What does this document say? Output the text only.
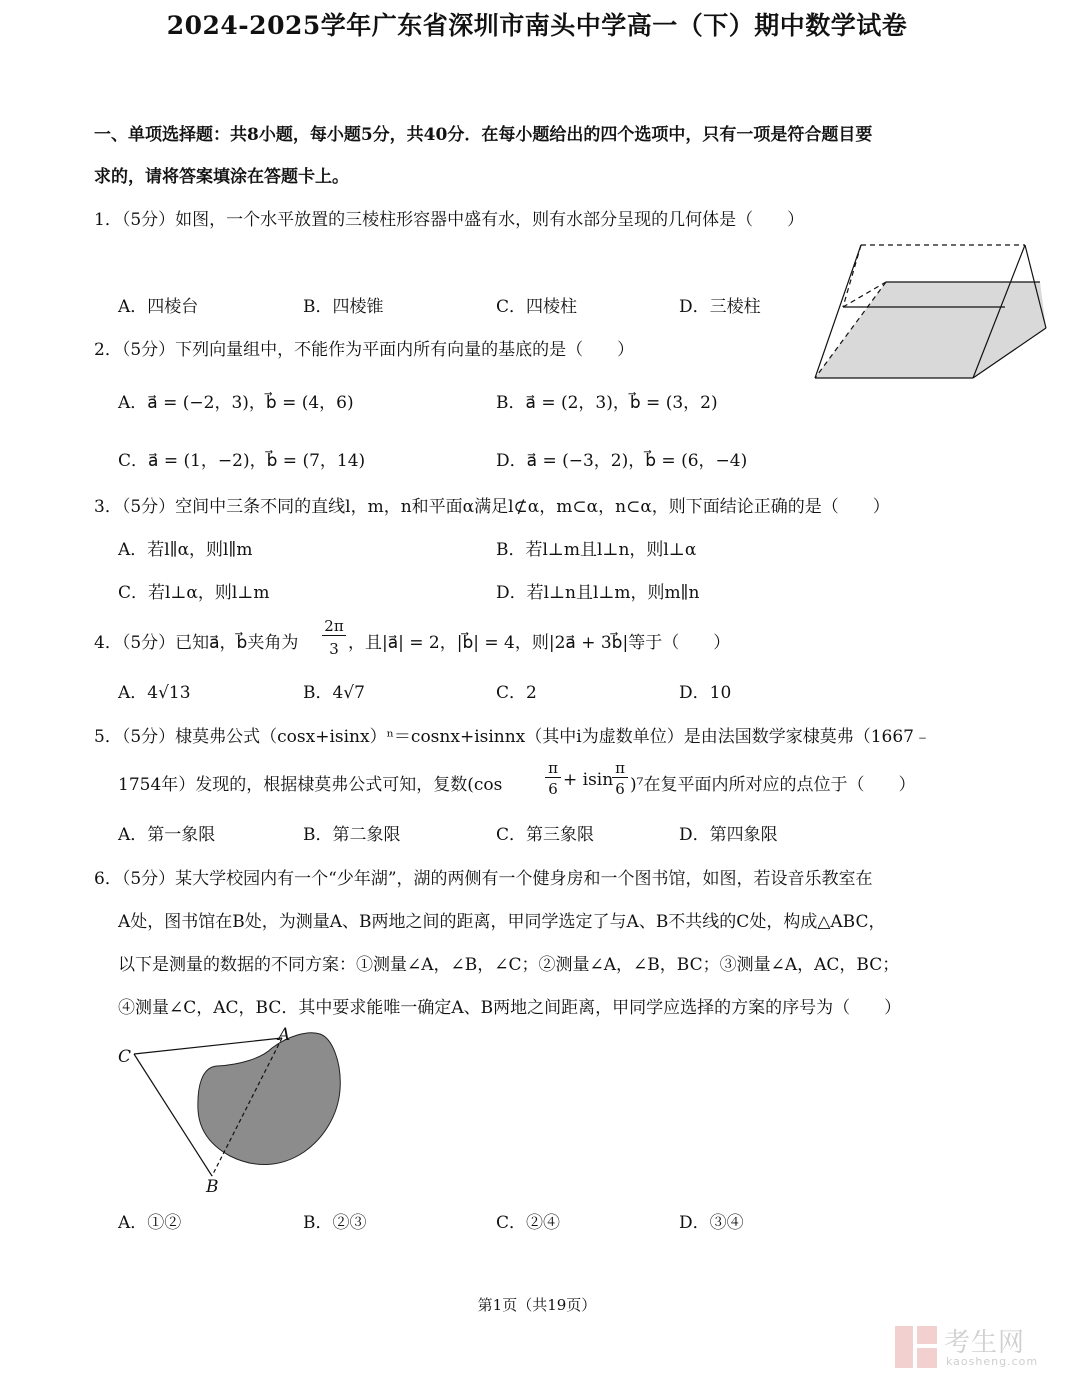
2024-2025学年广东省深圳市南头中学高一（下）期中数学试卷
一、单项选择题：共8小题，每小题5分，共40分．在每小题给出的四个选项中，只有一项是符合题目要
求的，请将答案填涂在答题卡上。
1．（5分）如图，一个水平放置的三棱柱形容器中盛有水，则有水部分呈现的几何体是（　　）
A．四棱台	B．四棱锥	C．四棱柱	D．三棱柱
2．（5分）下列向量组中，不能作为平面内所有向量的基底的是（　　）
A．a⃗ = (−2，3)，b⃗ = (4，6)	B．a⃗ = (2，3)，b⃗ = (3，2)
C．a⃗ = (1，−2)，b⃗ = (7，14)	D．a⃗ = (−3，2)，b⃗ = (6，−4)
3．（5分）空间中三条不同的直线l，m，n和平面α满足l⊄α，m⊂α，n⊂α，则下面结论正确的是（　　）
A．若l∥α，则l∥m	B．若l⊥m且l⊥n，则l⊥α
C．若l⊥α，则l⊥m	D．若l⊥n且l⊥m，则m∥n
4．（5分）已知a⃗，b⃗夹角为
2π
3 ，且|a⃗| = 2，|b⃗| = 4，则|2a⃗ + 3b⃗|等于（　　）
A．4√13	B．4√7	C．2	D．10
5．（5分）棣莫弗公式（cosx+isinx）ⁿ＝cosnx+isinnx（其中i为虚数单位）是由法国数学家棣莫弗（1667﹣
1754年）发现的，根据棣莫弗公式可知，复数(cos
π
6 + isin
π
6 )⁷在复平面内所对应的点位于（　　）
A．第一象限	B．第二象限	C．第三象限	D．第四象限
6．（5分）某大学校园内有一个“少年湖”，湖的两侧有一个健身房和一个图书馆，如图，若设音乐教室在
A处，图书馆在B处，为测量A、B两地之间的距离，甲同学选定了与A、B不共线的C处，构成△ABC，
以下是测量的数据的不同方案：①测量∠A，∠B，∠C；②测量∠A，∠B，BC；③测量∠A，AC，BC；
④测量∠C，AC，BC．其中要求能唯一确定A、B两地之间距离，甲同学应选择的方案的序号为（　　）
C
A
B
A．①②	B．②③	C．②④	D．③④
第1页（共19页）
考生网
kaosheng.com
